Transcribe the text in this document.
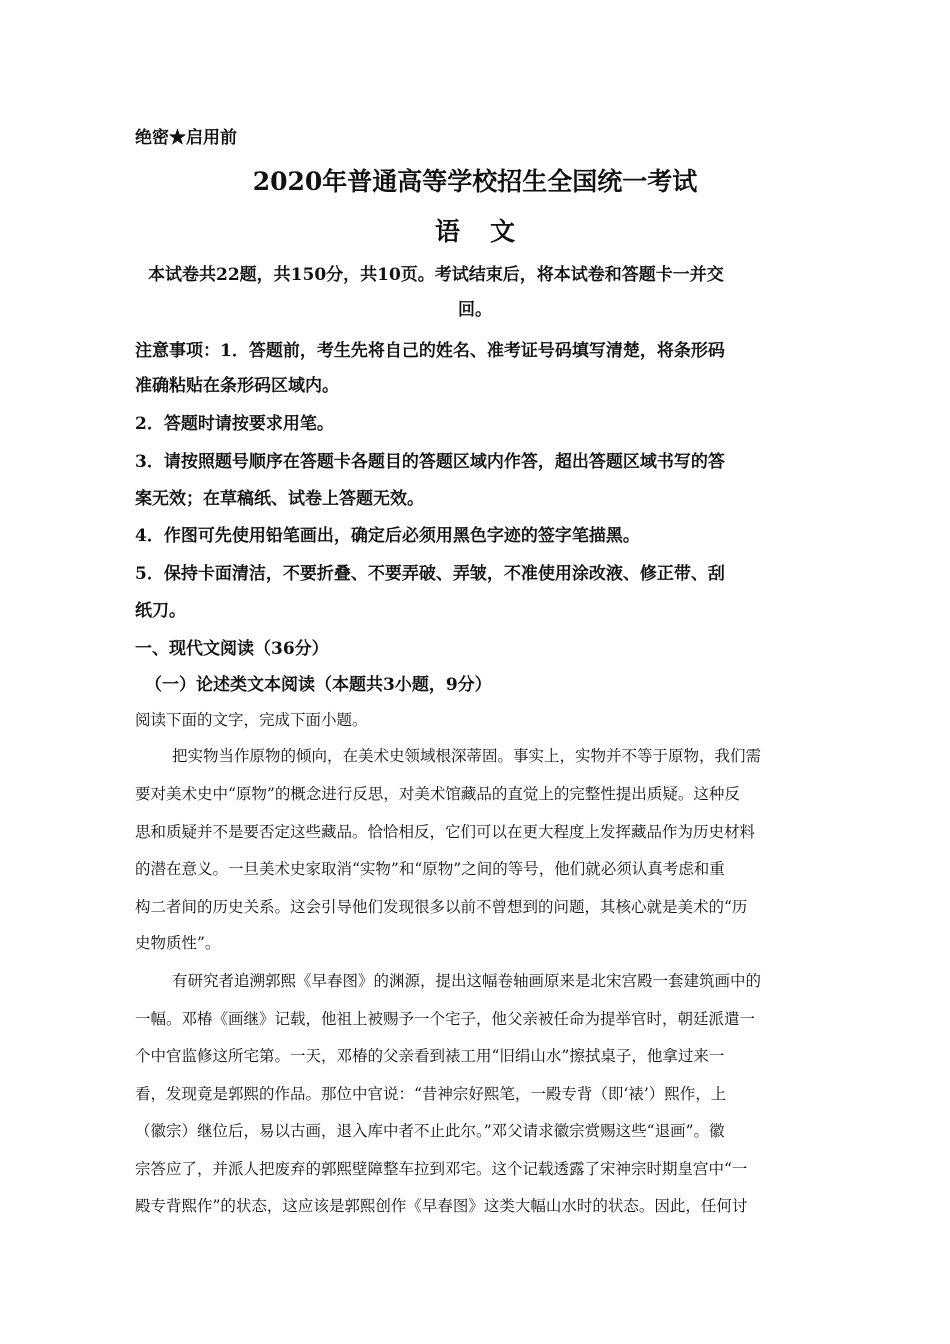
绝密★启用前

2020年普通高等学校招生全国统一考试

语文

本试卷共22题，共150分，共10页。考试结束后，将本试卷和答题卡一并交

回。

注意事项：1．答题前，考生先将自己的姓名、准考证号码填写清楚，将条形码

准确粘贴在条形码区域内。

2．答题时请按要求用笔。

3．请按照题号顺序在答题卡各题目的答题区域内作答，超出答题区域书写的答

案无效；在草稿纸、试卷上答题无效。

4．作图可先使用铅笔画出，确定后必须用黑色字迹的签字笔描黑。

5．保持卡面清洁，不要折叠、不要弄破、弄皱，不准使用涂改液、修正带、刮

纸刀。

一、现代文阅读（36分）

（一）论述类文本阅读（本题共3小题，9分）

阅读下面的文字，完成下面小题。

把实物当作原物的倾向，在美术史领域根深蒂固。事实上，实物并不等于原物，我们需

要对美术史中“原物”的概念进行反思，对美术馆藏品的直觉上的完整性提出质疑。这种反

思和质疑并不是要否定这些藏品。恰恰相反，它们可以在更大程度上发挥藏品作为历史材料

的潜在意义。一旦美术史家取消“实物”和“原物”之间的等号，他们就必须认真考虑和重

构二者间的历史关系。这会引导他们发现很多以前不曾想到的问题，其核心就是美术的“历

史物质性”。

有研究者追溯郭熙《早春图》的渊源，提出这幅卷轴画原来是北宋宫殿一套建筑画中的

一幅。邓椿《画继》记载，他祖上被赐予一个宅子，他父亲被任命为提举官时，朝廷派遣一

个中官监修这所宅第。一天，邓椿的父亲看到裱工用“旧绢山水”擦拭桌子，他拿过来一

看，发现竟是郭熙的作品。那位中官说：“昔神宗好熙笔，一殿专背（即‘裱’）熙作，上

（徽宗）继位后，易以古画，退入库中者不止此尔。”邓父请求徽宗赏赐这些“退画”。徽

宗答应了，并派人把废弃的郭熙壁障整车拉到邓宅。这个记载透露了宋神宗时期皇宫中“一

殿专背熙作”的状态，这应该是郭熙创作《早春图》这类大幅山水时的状态。因此，任何讨
